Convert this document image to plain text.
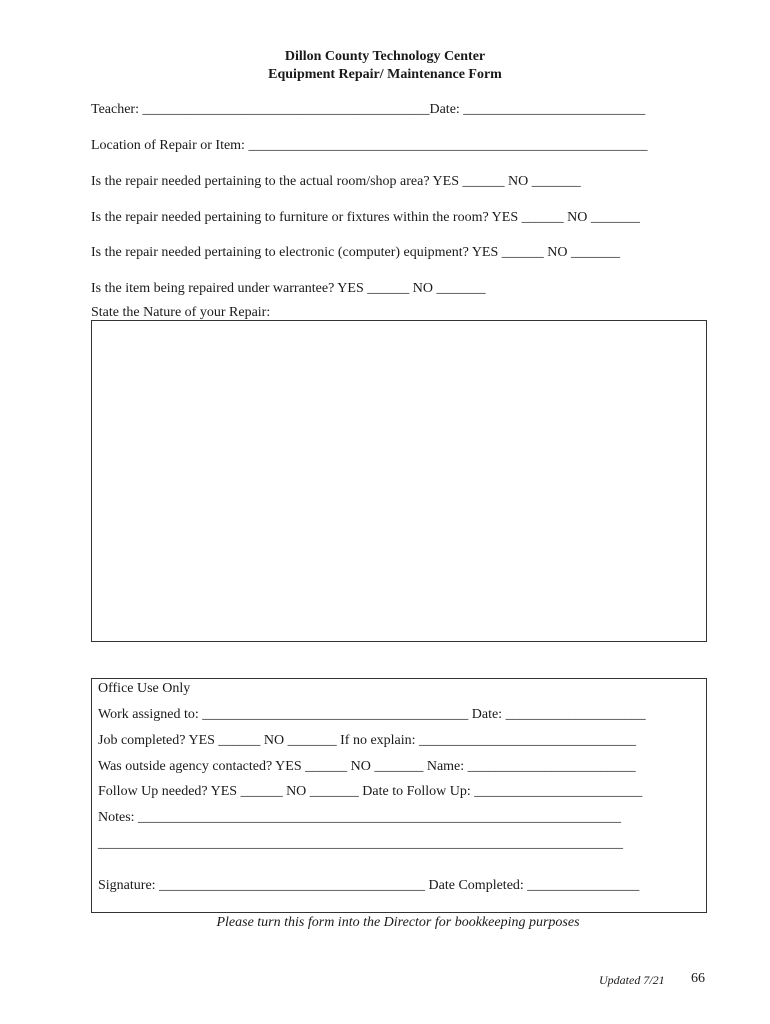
Dillon County Technology Center
Equipment Repair/ Maintenance Form
Teacher: _________________________________________Date: __________________________
Location of Repair or Item: _________________________________________________________
Is the repair needed pertaining to the actual room/shop area? YES ______ NO _______
Is the repair needed pertaining to furniture or fixtures within the room? YES ______ NO _______
Is the repair needed pertaining to electronic (computer) equipment? YES ______ NO _______
Is the item being repaired under warrantee? YES ______ NO _______
State the Nature of your Repair:
Office Use Only
Work assigned to: ______________________________________ Date: ____________________
Job completed? YES ______ NO _______ If no explain: _______________________________
Was outside agency contacted? YES ______ NO _______ Name: ________________________
Follow Up needed? YES ______ NO _______ Date to Follow Up: ________________________
Notes: _____________________________________________________________________
___________________________________________________________________________
Signature: ______________________________________ Date Completed: ________________
Please turn this form into the Director for bookkeeping purposes
Updated 7/21 66
